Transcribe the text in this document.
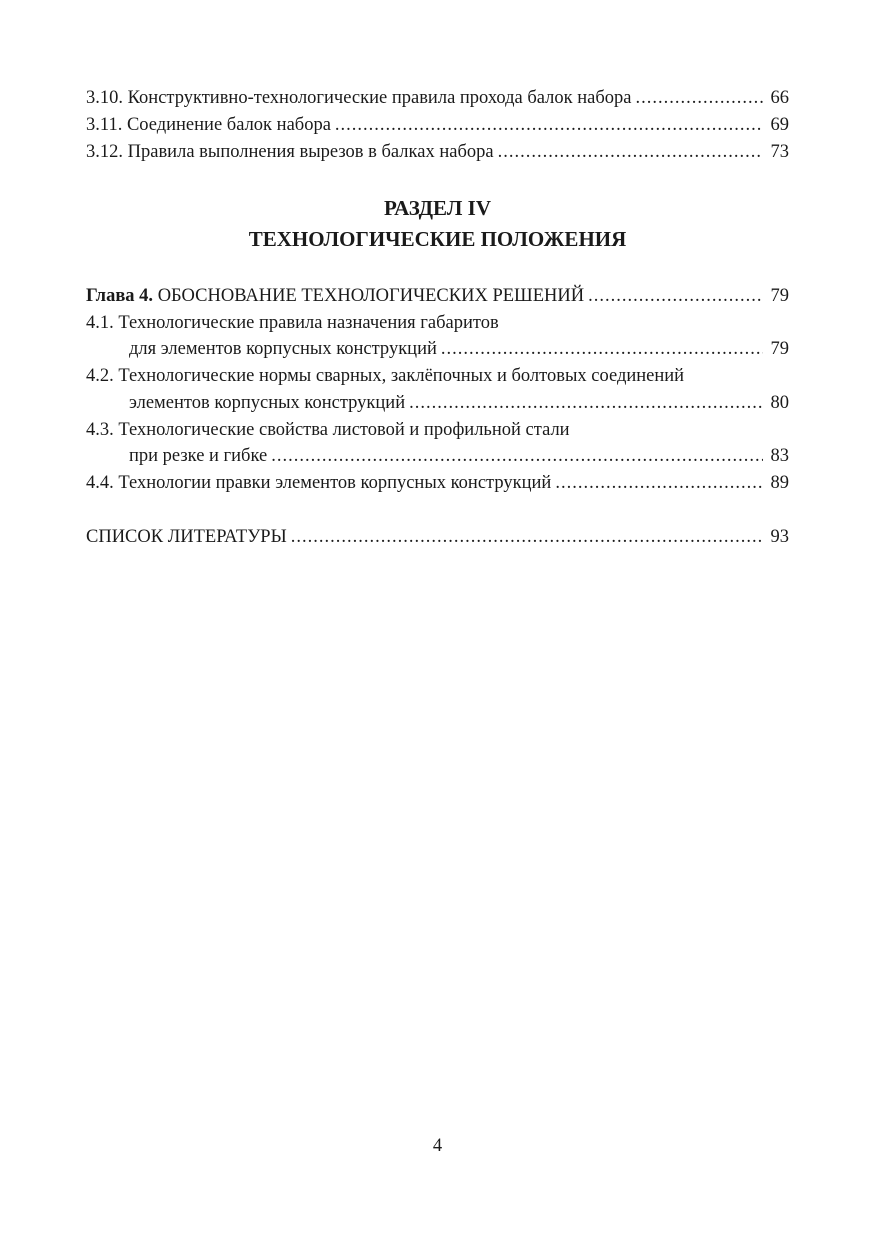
3.10. Конструктивно-технологические правила прохода балок набора .....	66
3.11. Соединение балок набора .....	69
3.12. Правила выполнения вырезов в балках набора .....	73
РАЗДЕЛ IV
ТЕХНОЛОГИЧЕСКИЕ ПОЛОЖЕНИЯ
Глава 4. ОБОСНОВАНИЕ ТЕХНОЛОГИЧЕСКИХ РЕШЕНИЙ .....	79
4.1. Технологические правила назначения габаритов
для элементов корпусных конструкций .....	79
4.2. Технологические нормы сварных, заклёпочных и болтовых соединений
элементов корпусных конструкций .....	80
4.3. Технологические свойства листовой и профильной стали
при резке и гибке .....	83
4.4. Технологии правки элементов корпусных конструкций .....	89
СПИСОК ЛИТЕРАТУРЫ .....	93
4
